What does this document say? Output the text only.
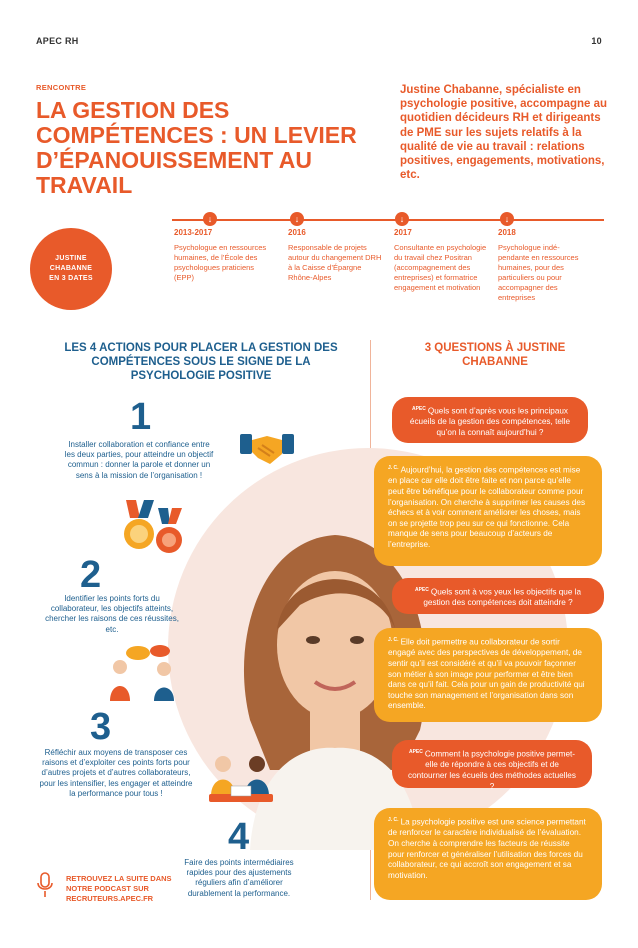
APEC RH	10
RENCONTRE
LA GESTION DES COMPÉTENCES : UN LEVIER D’ÉPANOUISSEMENT AU TRAVAIL
Justine Chabanne, spécialiste en psychologie positive, accompagne au quotidien décideurs RH et dirigeants de PME sur les sujets relatifs à la qualité de vie au travail : relations positives, engagements, motivations, etc.
↓	↓	↓	↓
JUSTINE CHABANNE EN 3 DATES
2013-2017
Psychologue en ressources humaines, de l’École des psychologues praticiens (EPP)
2016
Responsable de projets autour du changement DRH à la Caisse d’Épargne Rhône-Alpes
2017
Consultante en psychologie du travail chez Positran (accompagnement des entreprises) et formatrice engagement et motivation
2018
Psychologue indé-pendante en ressources humaines, pour des particuliers ou pour accompagner des entreprises
LES 4 ACTIONS POUR PLACER LA GESTION DES COMPÉTENCES SOUS LE SIGNE DE LA PSYCHOLOGIE POSITIVE
3 QUESTIONS À JUSTINE CHABANNE
1
Installer collaboration et confiance entre les deux parties, pour atteindre un objectif commun : donner la parole et donner un sens à la mission de l’organisation !
2
Identifier les points forts du collaborateur, les objectifs atteints, chercher les raisons de ces réussites, etc.
3
Réfléchir aux moyens de transposer ces raisons et d’exploiter ces points forts pour d’autres projets et d’autres collaborateurs, pour les intensifier, les engager et atteindre la performance pour tous !
4
Faire des points intermédiaires rapides pour des ajustements réguliers afin d’améliorer durablement la performance.
RETROUVEZ LA SUITE DANS NOTRE PODCAST SUR RECRUTEURS.APEC.FR
$^{APEC}$ Quels sont d’après vous les principaux écueils de la gestion des compétences, telle qu’on la connaît aujourd’hui ?
$^{J. C.}$ Aujourd’hui, la gestion des compétences est mise en place car elle doit être faite et non parce qu’elle peut être bénéfique pour le collaborateur comme pour l’organisation. On cherche à supprimer les causes des échecs et à voir comment améliorer les choses, mais on se projette trop peu sur ce qui fonctionne. Cela manque de sens pour beaucoup d’acteurs de l’entreprise.
$^{APEC}$ Quels sont à vos yeux les objectifs que la gestion des compétences doit atteindre ?
$^{J. C.}$ Elle doit permettre au collaborateur de sortir engagé avec des perspectives de développement, de sentir qu’il est considéré et qu’il va pouvoir façonner son métier à son image pour performer et être bien dans ce qu’il fait. Cela pour un gain de productivité qui touche son management et l’organisation dans son ensemble.
$^{APEC}$ Comment la psychologie positive permet-elle de répondre à ces objectifs et de contourner les écueils des méthodes actuelles ?
$^{J. C.}$ La psychologie positive est une science permettant de renforcer le caractère individualisé de l’évaluation. On cherche à comprendre les facteurs de réussite pour renforcer et généraliser l’utilisation des forces du collaborateur, ce qui accroît son engagement et sa motivation.
